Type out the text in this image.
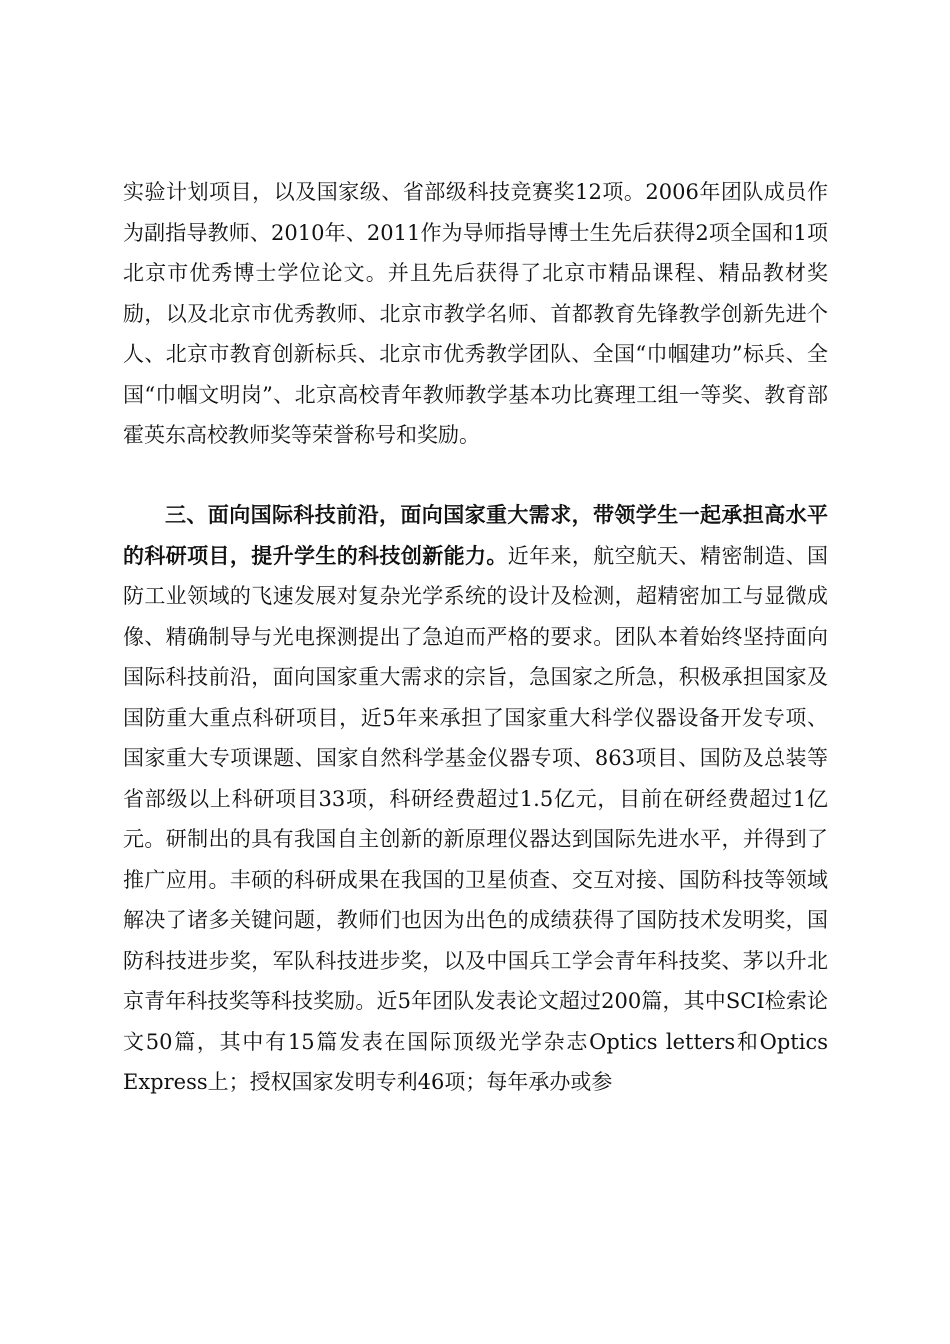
实验计划项目，以及国家级、省部级科技竞赛奖12项。2006年团队成员作为副指导教师、2010年、2011作为导师指导博士生先后获得2项全国和1项北京市优秀博士学位论文。并且先后获得了北京市精品课程、精品教材奖励，以及北京市优秀教师、北京市教学名师、首都教育先锋教学创新先进个人、北京市教育创新标兵、北京市优秀教学团队、全国“巾帼建功”标兵、全国“巾帼文明岗”、北京高校青年教师教学基本功比赛理工组一等奖、教育部霍英东高校教师奖等荣誉称号和奖励。

三、面向国际科技前沿，面向国家重大需求，带领学生一起承担高水平的科研项目，提升学生的科技创新能力。近年来，航空航天、精密制造、国防工业领域的飞速发展对复杂光学系统的设计及检测，超精密加工与显微成像、精确制导与光电探测提出了急迫而严格的要求。团队本着始终坚持面向国际科技前沿，面向国家重大需求的宗旨，急国家之所急，积极承担国家及国防重大重点科研项目，近5年来承担了国家重大科学仪器设备开发专项、国家重大专项课题、国家自然科学基金仪器专项、863项目、国防及总装等省部级以上科研项目33项，科研经费超过1.5亿元，目前在研经费超过1亿元。研制出的具有我国自主创新的新原理仪器达到国际先进水平，并得到了推广应用。丰硕的科研成果在我国的卫星侦查、交互对接、国防科技等领域解决了诸多关键问题，教师们也因为出色的成绩获得了国防技术发明奖，国防科技进步奖，军队科技进步奖，以及中国兵工学会青年科技奖、茅以升北京青年科技奖等科技奖励。近5年团队发表论文超过200篇，其中SCI检索论文50篇，其中有15篇发表在国际顶级光学杂志Optics letters和Optics Express上；授权国家发明专利46项；每年承办或参
